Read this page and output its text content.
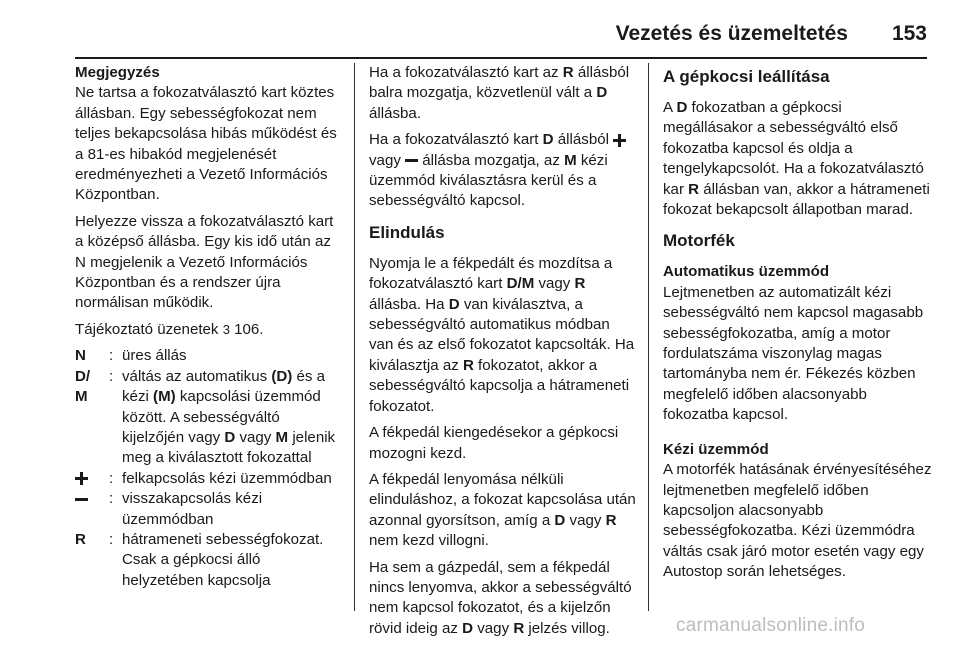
Vezetés és üzemeltetés 153

Megjegyzés
Ne tartsa a fokozatválasztó kart köztes állásban. Egy sebességfokozat nem teljes bekapcsolása hibás működést és a 81-es hibakód megjelenését eredményezheti a Vezető Információs Központban.

Helyezze vissza a fokozatválasztó kart a középső állásba. Egy kis idő után az N megjelenik a Vezető Információs Központban és a rendszer újra normálisan működik.

Tájékoztató üzenetek 3 106.

N	: üres állás
D/
M
: váltás az automatikus (D) és a kézi (M) kapcsolási üzemmód között. A sebességváltó kijelzőjén vagy D vagy M jelenik meg a kiválasztott fokozattal
: felkapcsolás kézi üzemmódban
: visszakapcsolás kézi üzemmódban
R	: hátrameneti sebességfokozat. Csak a gépkocsi álló helyzetében kapcsolja

Ha a fokozatválasztó kart az R állásból balra mozgatja, közvetlenül vált a D állásba.

Ha a fokozatválasztó kart D állásból  vagy  állásba mozgatja, az M kézi üzemmód kiválasztásra kerül és a sebességváltó kapcsol.

Elindulás

Nyomja le a fékpedált és mozdítsa a fokozatválasztó kart D/M vagy R állásba. Ha D van kiválasztva, a sebességváltó automatikus módban van és az első fokozatot kapcsolták. Ha kiválasztja az R fokozatot, akkor a sebességváltó kapcsolja a hátrameneti fokozatot.

A fékpedál kiengedésekor a gépkocsi mozogni kezd.

A fékpedál lenyomása nélküli elinduláshoz, a fokozat kapcsolása után azonnal gyorsítson, amíg a D vagy R nem kezd villogni.

Ha sem a gázpedál, sem a fékpedál nincs lenyomva, akkor a sebességváltó nem kapcsol fokozatot, és a kijelzőn rövid ideig az D vagy R jelzés villog.

A gépkocsi leállítása

A D fokozatban a gépkocsi megállásakor a sebességváltó első fokozatba kapcsol és oldja a tengelykapcsolót. Ha a fokozatválasztó kar R állásban van, akkor a hátrameneti fokozat bekapcsolt állapotban marad.

Motorfék

Automatikus üzemmód
Lejtmenetben az automatizált kézi sebességváltó nem kapcsol magasabb sebességfokozatba, amíg a motor fordulatszáma viszonylag magas tartományba nem ér. Fékezés közben megfelelő időben alacsonyabb fokozatba kapcsol.

Kézi üzemmód
A motorfék hatásának érvényesítéséhez lejtmenetben megfelelő időben kapcsoljon alacsonyabb sebességfokozatba. Kézi üzemmódra váltás csak járó motor esetén vagy egy Autostop során lehetséges.

carmanualsonline.info
